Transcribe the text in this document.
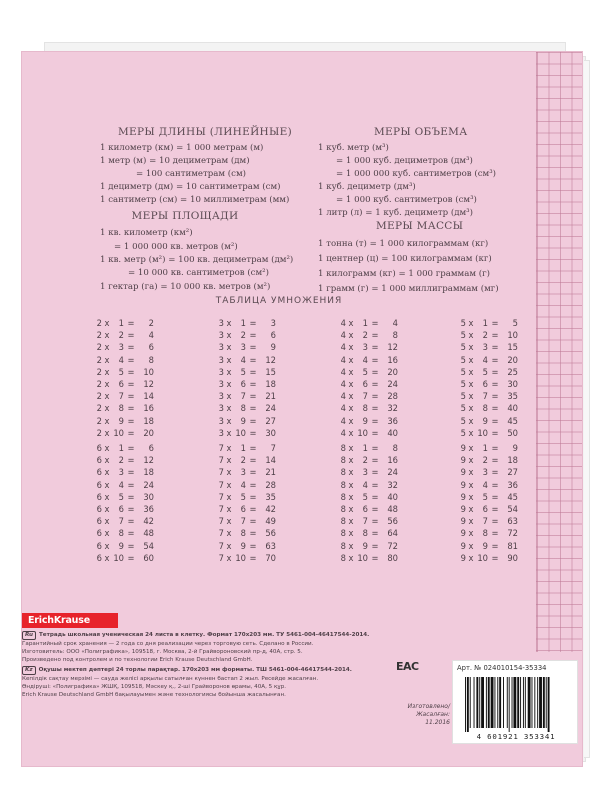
МЕРЫ ДЛИНЫ (ЛИНЕЙНЫЕ)
1 километр (км) = 1 000 метрам (м)
1 метр (м) = 10 дециметрам (дм)
= 100 сантиметрам (см)
1 дециметр (дм) = 10 сантиметрам (см)
1 сантиметр (см) = 10 миллиметрам (мм)
МЕРЫ ПЛОЩАДИ
1 кв. километр (км²)
= 1 000 000 кв. метров (м²)
1 кв. метр (м²) = 100 кв. дециметрам (дм²)
= 10 000 кв. сантиметров (см²)
1 гектар (га) = 10 000 кв. метров (м²)
МЕРЫ ОБЪЕМА
1 куб. метр (м³)
= 1 000 куб. дециметров (дм³)
= 1 000 000 куб. сантиметров (см³)
1 куб. дециметр (дм³)
= 1 000 куб. сантиметров (см³)
1 литр (л) = 1 куб. дециметр (дм³)
МЕРЫ МАССЫ
1 тонна (т) = 1 000 килограммам (кг)
1 центнер (ц) = 100 килограммам (кг)
1 килограмм (кг) = 1 000 граммам (г)
1 грамм (г) = 1 000 миллиграммам (мг)
ТАБЛИЦА УМНОЖЕНИЯ
2 x	1 =	2
2 x	2 =	4
2 x	3 =	6
2 x	4 =	8
2 x	5 =	10
2 x	6 =	12
2 x	7 =	14
2 x	8 =	16
2 x	9 =	18
2 x 10 =	20
3 x	1 =	3
3 x	2 =	6
3 x	3 =	9
3 x	4 =	12
3 x	5 =	15
3 x	6 =	18
3 x	7 =	21
3 x	8 =	24
3 x	9 =	27
3 x 10 =	30
4 x	1 =	4
4 x	2 =	8
4 x	3 =	12
4 x	4 =	16
4 x	5 =	20
4 x	6 =	24
4 x	7 =	28
4 x	8 =	32
4 x	9 =	36
4 x 10 =	40
5 x	1 =	5
5 x	2 =	10
5 x	3 =	15
5 x	4 =	20
5 x	5 =	25
5 x	6 =	30
5 x	7 =	35
5 x	8 =	40
5 x	9 =	45
5 x 10 =	50
6 x	1 =	6
6 x	2 =	12
6 x	3 =	18
6 x	4 =	24
6 x	5 =	30
6 x	6 =	36
6 x	7 =	42
6 x	8 =	48
6 x	9 =	54
6 x 10 =	60
7 x	1 =	7
7 x	2 =	14
7 x	3 =	21
7 x	4 =	28
7 x	5 =	35
7 x	6 =	42
7 x	7 =	49
7 x	8 =	56
7 x	9 =	63
7 x 10 =	70
8 x	1 =	8
8 x	2 =	16
8 x	3 =	24
8 x	4 =	32
8 x	5 =	40
8 x	6 =	48
8 x	7 =	56
8 x	8 =	64
8 x	9 =	72
8 x 10 =	80
9 x	1 =	9
9 x	2 =	18
9 x	3 =	27
9 x	4 =	36
9 x	5 =	45
9 x	6 =	54
9 x	7 =	63
9 x	8 =	72
9 x	9 =	81
9 x 10 =	90
ErichKrause
Ru Тетрадь школьная ученическая 24 листа в клетку. Формат 170х203 мм. ТУ 5461-004-46417544-2014.
Гарантийный срок хранения — 2 года со дня реализации через торговую сеть. Сделано в России.
Изготовитель: ООО «Полиграфика», 109518, г. Москва, 2-й Грайвороновский пр-д, 40А, стр. 5.
Произведено под контролем и по технологии Erich Krause Deutschland GmbH.
Kz Оқушы мектеп дәптері 24 торлы парақтар. 170х203 мм форматы. ТШ 5461-004-46417544-2014.
Кепілдік сақтау мерзімі — сауда желісі арқылы сатылған күннен бастап 2 жыл. Ресейде жасалған.
Өндіруші: «Полиграфика» ЖШҚ, 109518, Мәскеу қ., 2-ші Грайворонов өрамы, 40А, 5 құр.
Erich Krause Deutschland GmbH бақылауымен және технологиясы бойынша жасалынған.
EAC
Изготовлено/
Жасалған:
11.2016
Арт. № 024010154-35334
4 601921 353341
